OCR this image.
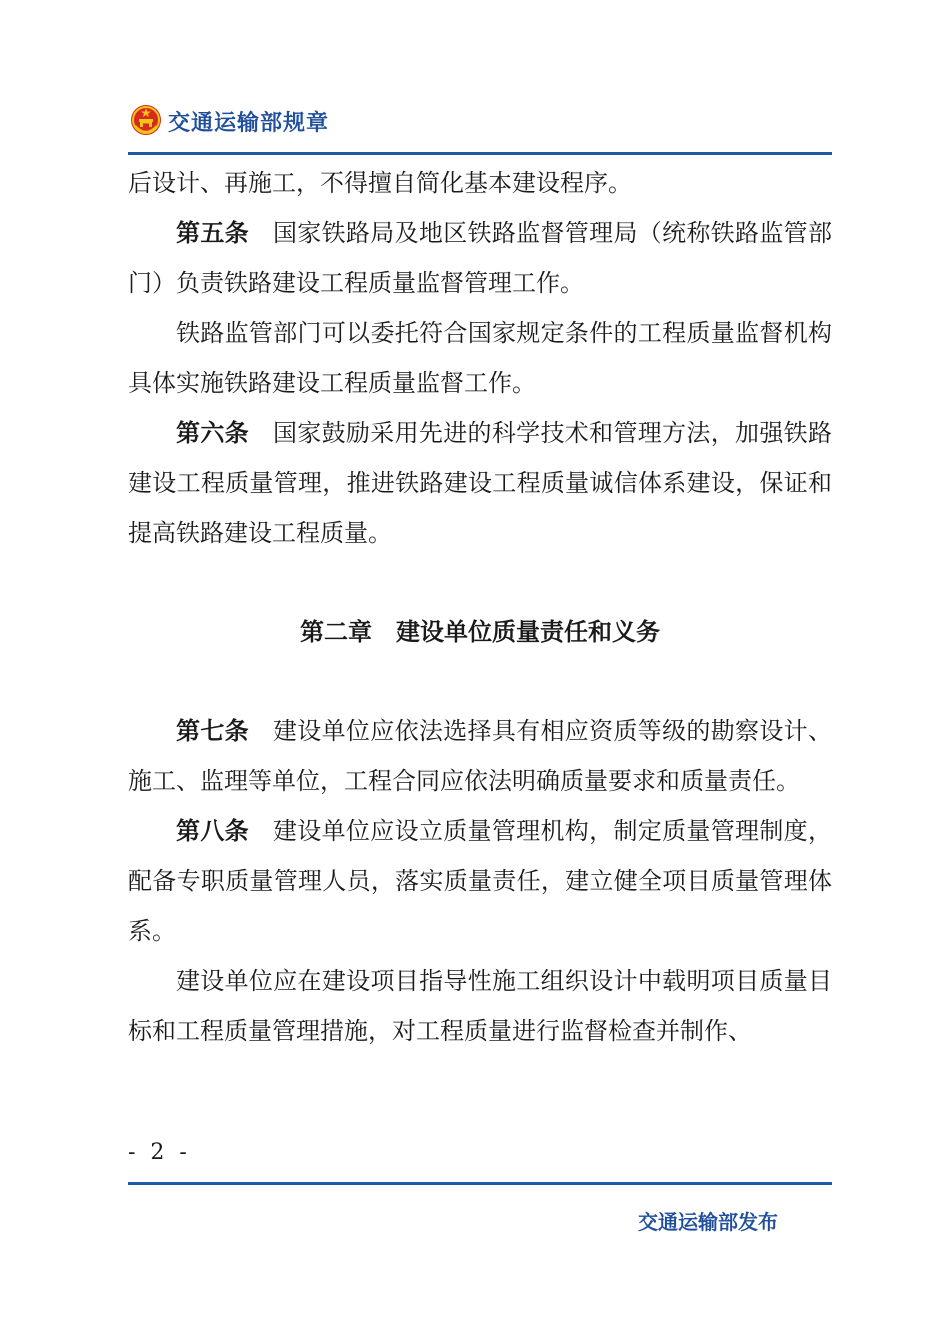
交通运输部规章

后设计、再施工，不得擅自简化基本建设程序。

第五条 国家铁路局及地区铁路监督管理局（统称铁路监管部门）负责铁路建设工程质量监督管理工作。

铁路监管部门可以委托符合国家规定条件的工程质量监督机构具体实施铁路建设工程质量监督工作。

第六条 国家鼓励采用先进的科学技术和管理方法，加强铁路建设工程质量管理，推进铁路建设工程质量诚信体系建设，保证和提高铁路建设工程质量。

第二章　建设单位质量责任和义务

第七条 建设单位应依法选择具有相应资质等级的勘察设计、施工、监理等单位，工程合同应依法明确质量要求和质量责任。

第八条 建设单位应设立质量管理机构，制定质量管理制度，配备专职质量管理人员，落实质量责任，建立健全项目质量管理体系。

建设单位应在建设项目指导性施工组织设计中载明项目质量目标和工程质量管理措施，对工程质量进行监督检查并制作、

- 2 -
交通运输部发布
